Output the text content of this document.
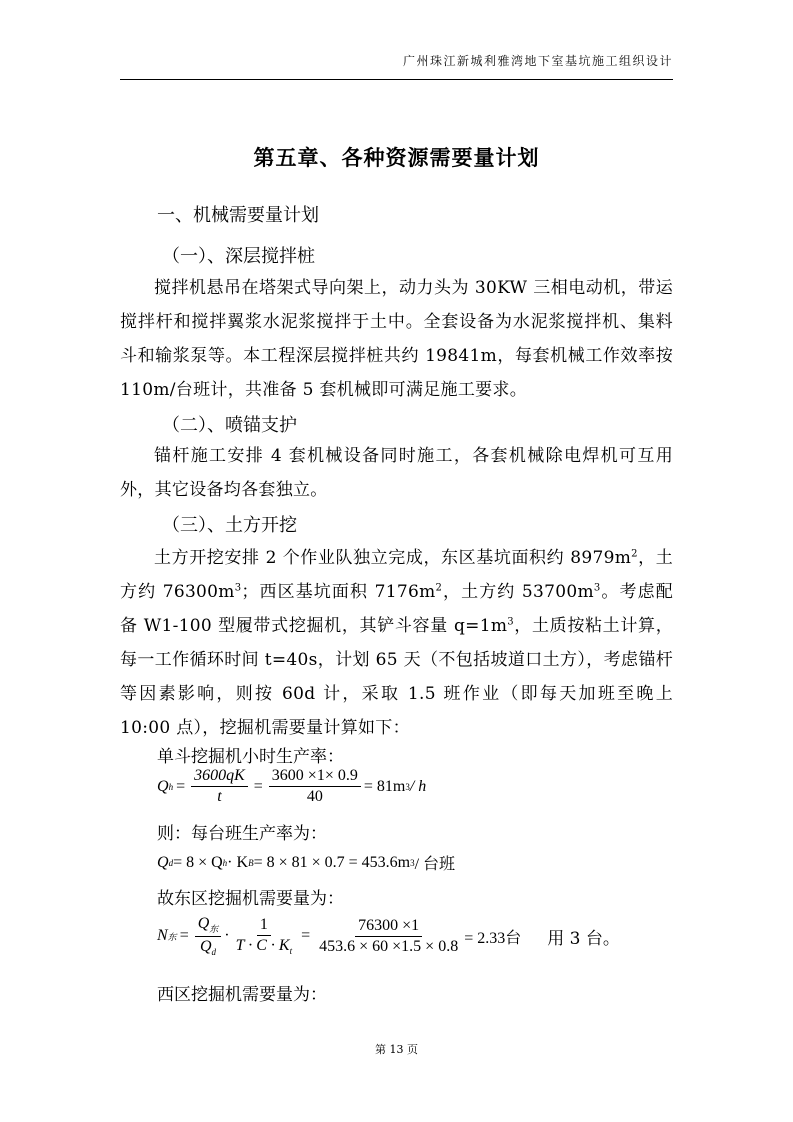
广州珠江新城利雅湾地下室基坑施工组织设计
第五章、各种资源需要量计划
一、机械需要量计划
（一）、深层搅拌桩
搅拌机悬吊在塔架式导向架上，动力头为 30KW 三相电动机，带运搅拌杆和搅拌翼浆水泥浆搅拌于土中。全套设备为水泥浆搅拌机、集料斗和输浆泵等。本工程深层搅拌桩共约 19841m，每套机械工作效率按 110m/台班计，共准备 5 套机械即可满足施工要求。
（二）、喷锚支护
锚杆施工安排 4 套机械设备同时施工，各套机械除电焊机可互用外，其它设备均各套独立。
（三）、土方开挖
土方开挖安排 2 个作业队独立完成，东区基坑面积约 $8979m^2$，土方约 $76300m^3$；西区基坑面积 $7176m^2$，土方约 $53700m^3$。考虑配备 W1-100 型履带式挖掘机，其铲斗容量 $q=1m^3$，土质按粘土计算，每一工作循环时间 t=40s，计划 65 天（不包括坡道口土方），考虑锚杆等因素影响，则按 60d 计，采取 1.5 班作业（即每天加班至晚上 10:00 点），挖掘机需要量计算如下：
单斗挖掘机小时生产率：
Q $h = \frac{3600qK}{t} = \frac{3600 \times 1\times 0.9}{40} = 81m$ 3 / h
则：每台班生产率为：
Q d = 8 × Q h · K B = 8 × 81 × 0.7 = 453.6m 3 / 台班
故东区挖掘机需要量为：
N 东 = $\frac{Q_东}{Q_d} \cdot \frac{1}{T \cdot C \cdot K_t} = \frac{76300 \times 1}{453.6 \times 60 \times 1.5 \times 0.8} = 2.33$台 用 3 台。
西区挖掘机需要量为：
第 13 页
